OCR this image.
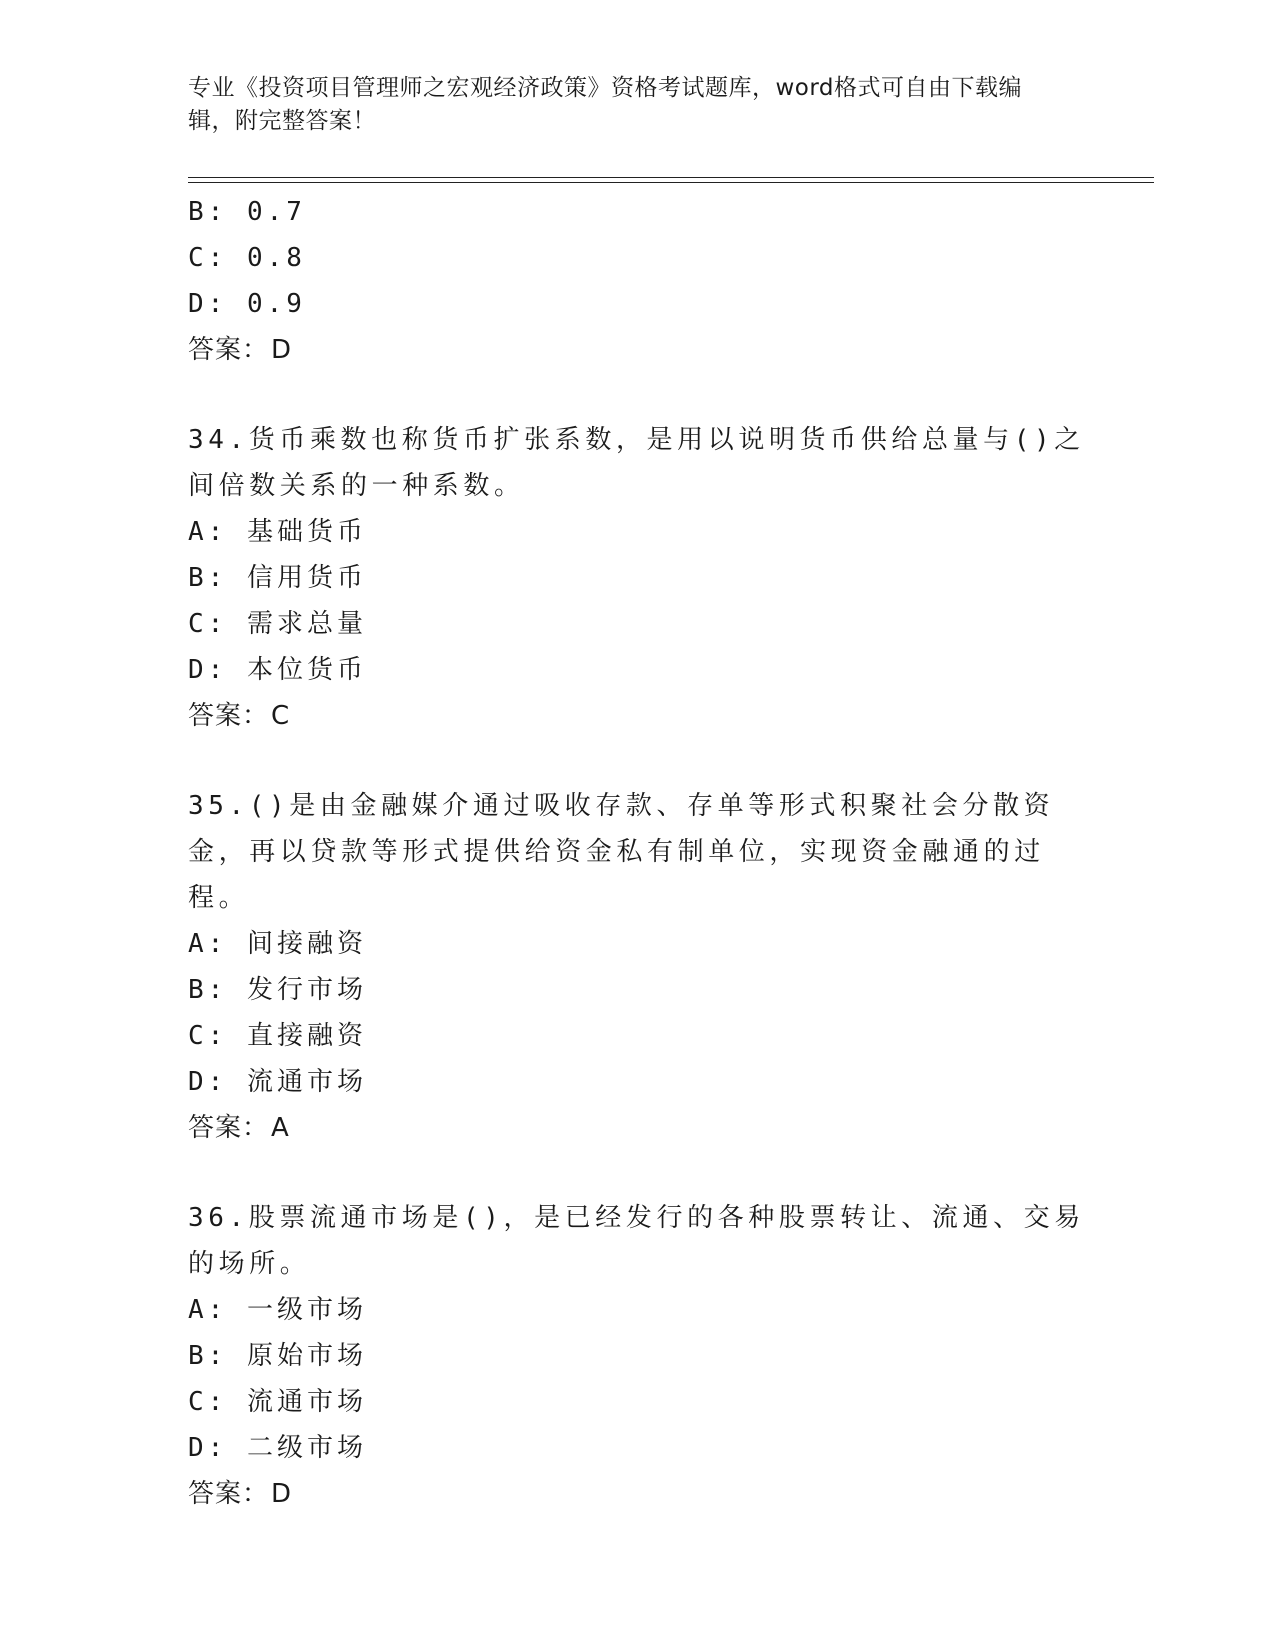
专业《投资项目管理师之宏观经济政策》资格考试题库，word格式可自由下载编辑，附完整答案！
B: 0.7
C: 0.8
D: 0.9
答案：D
34.货币乘数也称货币扩张系数，是用以说明货币供给总量与()之间倍数关系的一种系数。
A: 基础货币
B: 信用货币
C: 需求总量
D: 本位货币
答案：C
35.()是由金融媒介通过吸收存款、存单等形式积聚社会分散资金，再以贷款等形式提供给资金私有制单位，实现资金融通的过程。
A: 间接融资
B: 发行市场
C: 直接融资
D: 流通市场
答案：A
36.股票流通市场是()，是已经发行的各种股票转让、流通、交易的场所。
A: 一级市场
B: 原始市场
C: 流通市场
D: 二级市场
答案：D
